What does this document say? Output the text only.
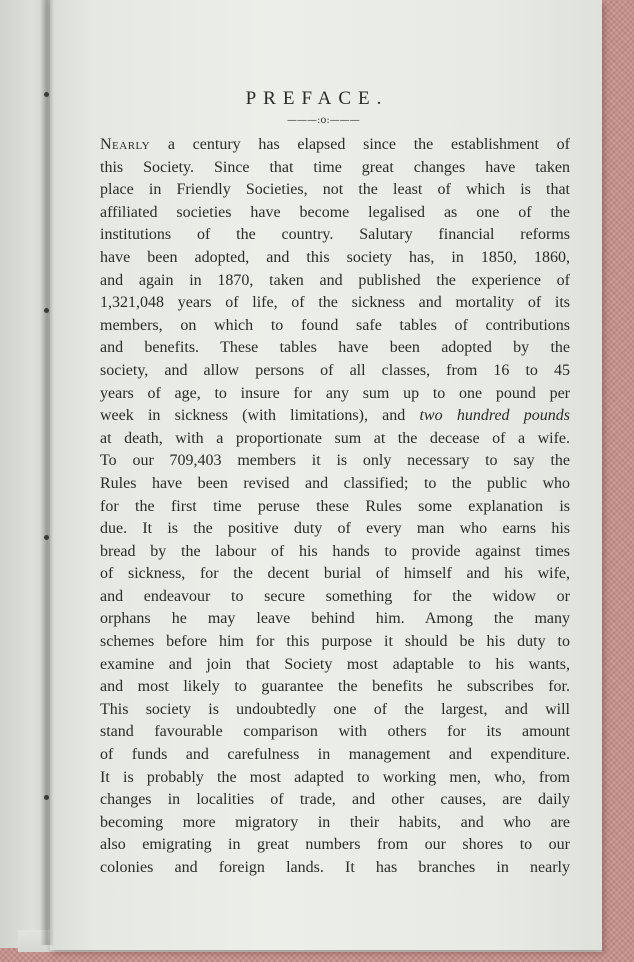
PREFACE.
———:o:———
Nearly a century has elapsed since the establishment of
this Society. Since that time great changes have taken
place in Friendly Societies, not the least of which is that
affiliated societies have become legalised as one of the
institutions of the country. Salutary financial reforms
have been adopted, and this society has, in 1850, 1860,
and again in 1870, taken and published the experience of
1,321,048 years of life, of the sickness and mortality of its
members, on which to found safe tables of contributions
and benefits. These tables have been adopted by the
society, and allow persons of all classes, from 16 to 45
years of age, to insure for any sum up to one pound per
week in sickness (with limitations), and two hundred pounds
at death, with a proportionate sum at the decease of a wife.
To our 709,403 members it is only necessary to say the
Rules have been revised and classified; to the public who
for the first time peruse these Rules some explanation is
due. It is the positive duty of every man who earns his
bread by the labour of his hands to provide against times
of sickness, for the decent burial of himself and his wife,
and endeavour to secure something for the widow or
orphans he may leave behind him. Among the many
schemes before him for this purpose it should be his duty to
examine and join that Society most adaptable to his wants,
and most likely to guarantee the benefits he subscribes for.
This society is undoubtedly one of the largest, and will
stand favourable comparison with others for its amount
of funds and carefulness in management and expenditure.
It is probably the most adapted to working men, who, from
changes in localities of trade, and other causes, are daily
becoming more migratory in their habits, and who are
also emigrating in great numbers from our shores to our
colonies and foreign lands. It has branches in nearly
